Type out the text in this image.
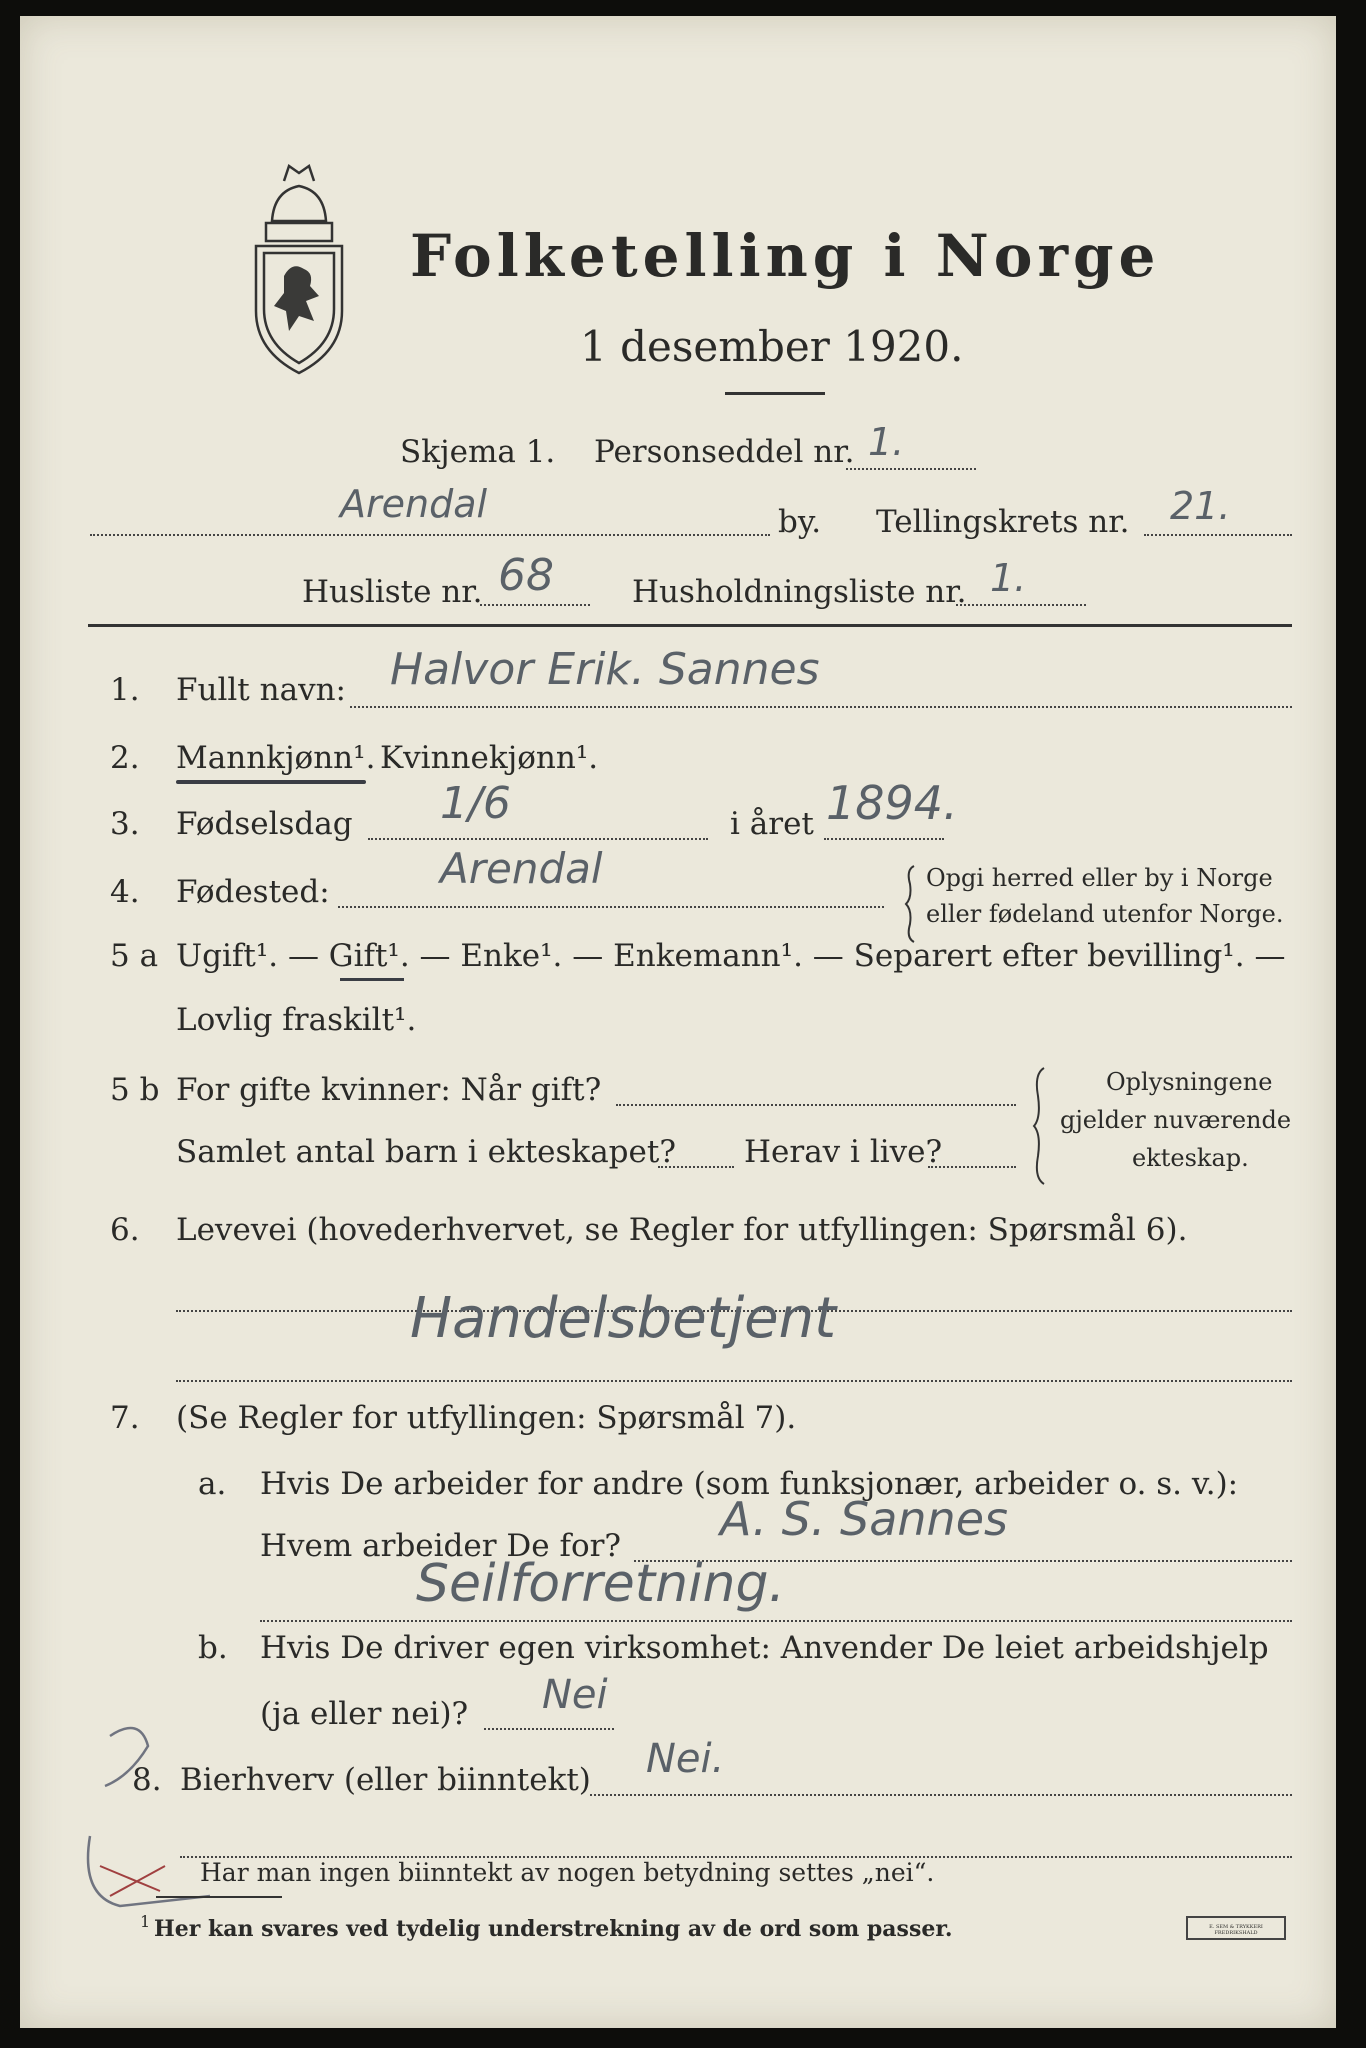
Folketelling i Norge
1 desember 1920.
Skjema 1. Personseddel nr. 1.
Arendal	by. Tellingskrets nr. 21.
Husliste nr. 68	Husholdningsliste nr. 1.
1. Fullt navn: Halvor Erik. Sannes
2. Mannkjønn¹. Kvinnekjønn¹.
3. Fødselsdag 1/6	i året 1894.
4. Fødested:	Arendal	Opgi herred eller by i Norge
eller fødeland utenfor Norge.
5 a Ugift¹. — Gift¹. — Enke¹. — Enkemann¹. — Separert efter bevilling¹. —
Lovlig fraskilt¹.
5 b For gifte kvinner: Når gift?
Samlet antal barn i ekteskapet? Herav i live?
Oplysningene
gjelder nuværende
ekteskap.
6. Levevei (hovederhvervet, se Regler for utfyllingen: Spørsmål 6).
Handelsbetjent
7. (Se Regler for utfyllingen: Spørsmål 7).
a. Hvis De arbeider for andre (som funksjonær, arbeider o. s. v.):
Hvem arbeider De for? A. S. Sannes
Seilforretning.
b. Hvis De driver egen virksomhet: Anvender De leiet arbeidshjelp
(ja eller nei)? Nei
8. Bierhverv (eller biinntekt) Nei.
Har man ingen biinntekt av nogen betydning settes „nei“.
1 Her kan svares ved tydelig understrekning av de ord som passer.	E. SEM & TRYKKERI FREDRIKSHALD
